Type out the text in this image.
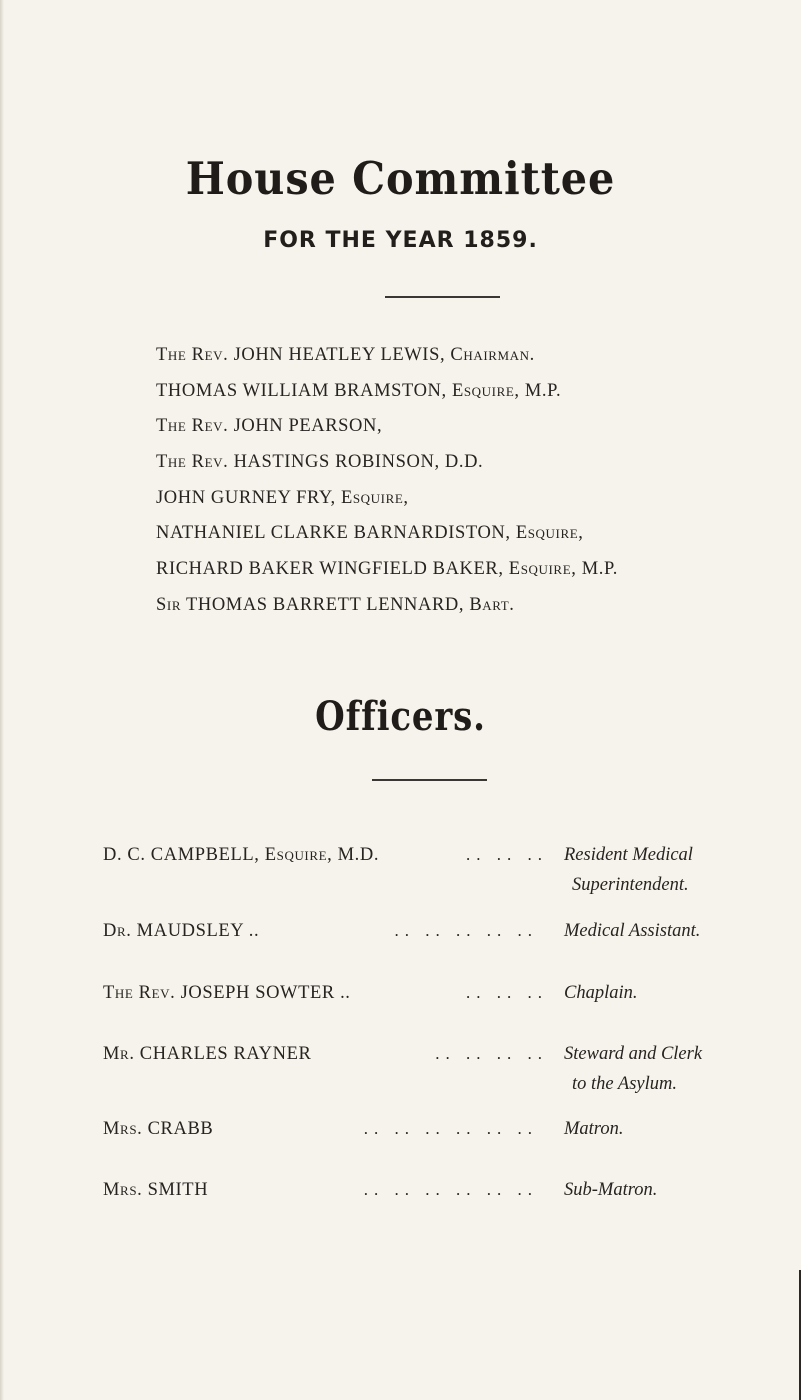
House Committee
FOR THE YEAR 1859.
The Rev. JOHN HEATLEY LEWIS, Chairman.
THOMAS WILLIAM BRAMSTON, Esquire, M.P.
The Rev. JOHN PEARSON,
The Rev. HASTINGS ROBINSON, D.D.
JOHN GURNEY FRY, Esquire,
NATHANIEL CLARKE BARNARDISTON, Esquire,
RICHARD BAKER WINGFIELD BAKER, Esquire, M.P.
Sir THOMAS BARRETT LENNARD, Bart.
Officers.
D. C. CAMPBELL, Esquire, M.D.	.. .. .. Resident Medical
Superintendent.
Dr. MAUDSLEY ..	.. .. .. .. .. Medical Assistant.
The Rev. JOSEPH SOWTER ..	.. .. .. Chaplain.
Mr. CHARLES RAYNER	.. .. .. .. Steward and Clerk
to the Asylum.
Mrs. CRABB	.. .. .. .. .. .. Matron.
Mrs. SMITH	.. .. .. .. .. .. Sub-Matron.
